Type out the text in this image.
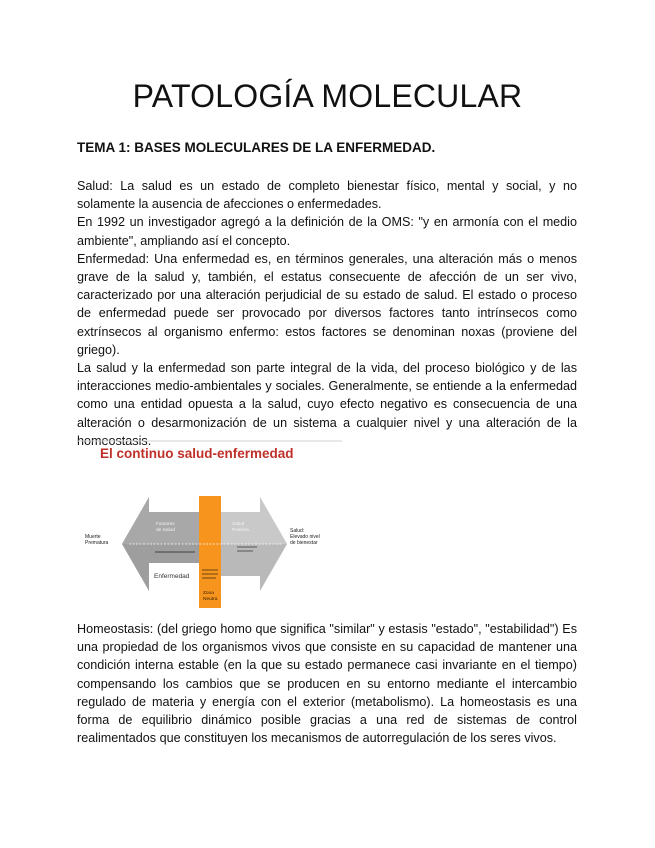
PATOLOGÍA MOLECULAR
TEMA 1: BASES MOLECULARES DE LA ENFERMEDAD.

Salud: La salud es un estado de completo bienestar físico, mental y social, y no solamente la ausencia de afecciones o enfermedades.

En 1992 un investigador agregó a la definición de la OMS: "y en armonía con el medio ambiente", ampliando así el concepto.

Enfermedad: Una enfermedad es, en términos generales, una alteración más o menos grave de la salud y, también, el estatus consecuente de afección de un ser vivo, caracterizado por una alteración perjudicial de su estado de salud. El estado o proceso de enfermedad puede ser provocado por diversos factores tanto intrínsecos como extrínsecos al organismo enfermo: estos factores se denominan noxas (proviene del griego).

La salud y la enfermedad son parte integral de la vida, del proceso biológico y de las interacciones medio-ambientales y sociales. Generalmente, se entiende a la enfermedad como una entidad opuesta a la salud, cuyo efecto negativo es consecuencia de una alteración o desarmonización de un sistema a cualquier nivel y una alteración de la homeostasis.

El continuo salud-enfermedad
Enfermedad
Factores
de Salud
Salud
Positiva
Zona
Neutra
Muerte
Prematura
Salud:
Elevado nivel
de bienestar

Homeostasis: (del griego homo que significa "similar" y estasis "estado", "estabilidad") Es una propiedad de los organismos vivos que consiste en su capacidad de mantener una condición interna estable (en la que su estado permanece casi invariante en el tiempo) compensando los cambios que se producen en su entorno mediante el intercambio regulado de materia y energía con el exterior (metabolismo). La homeostasis es una forma de equilibrio dinámico posible gracias a una red de sistemas de control realimentados que constituyen los mecanismos de autorregulación de los seres vivos.
